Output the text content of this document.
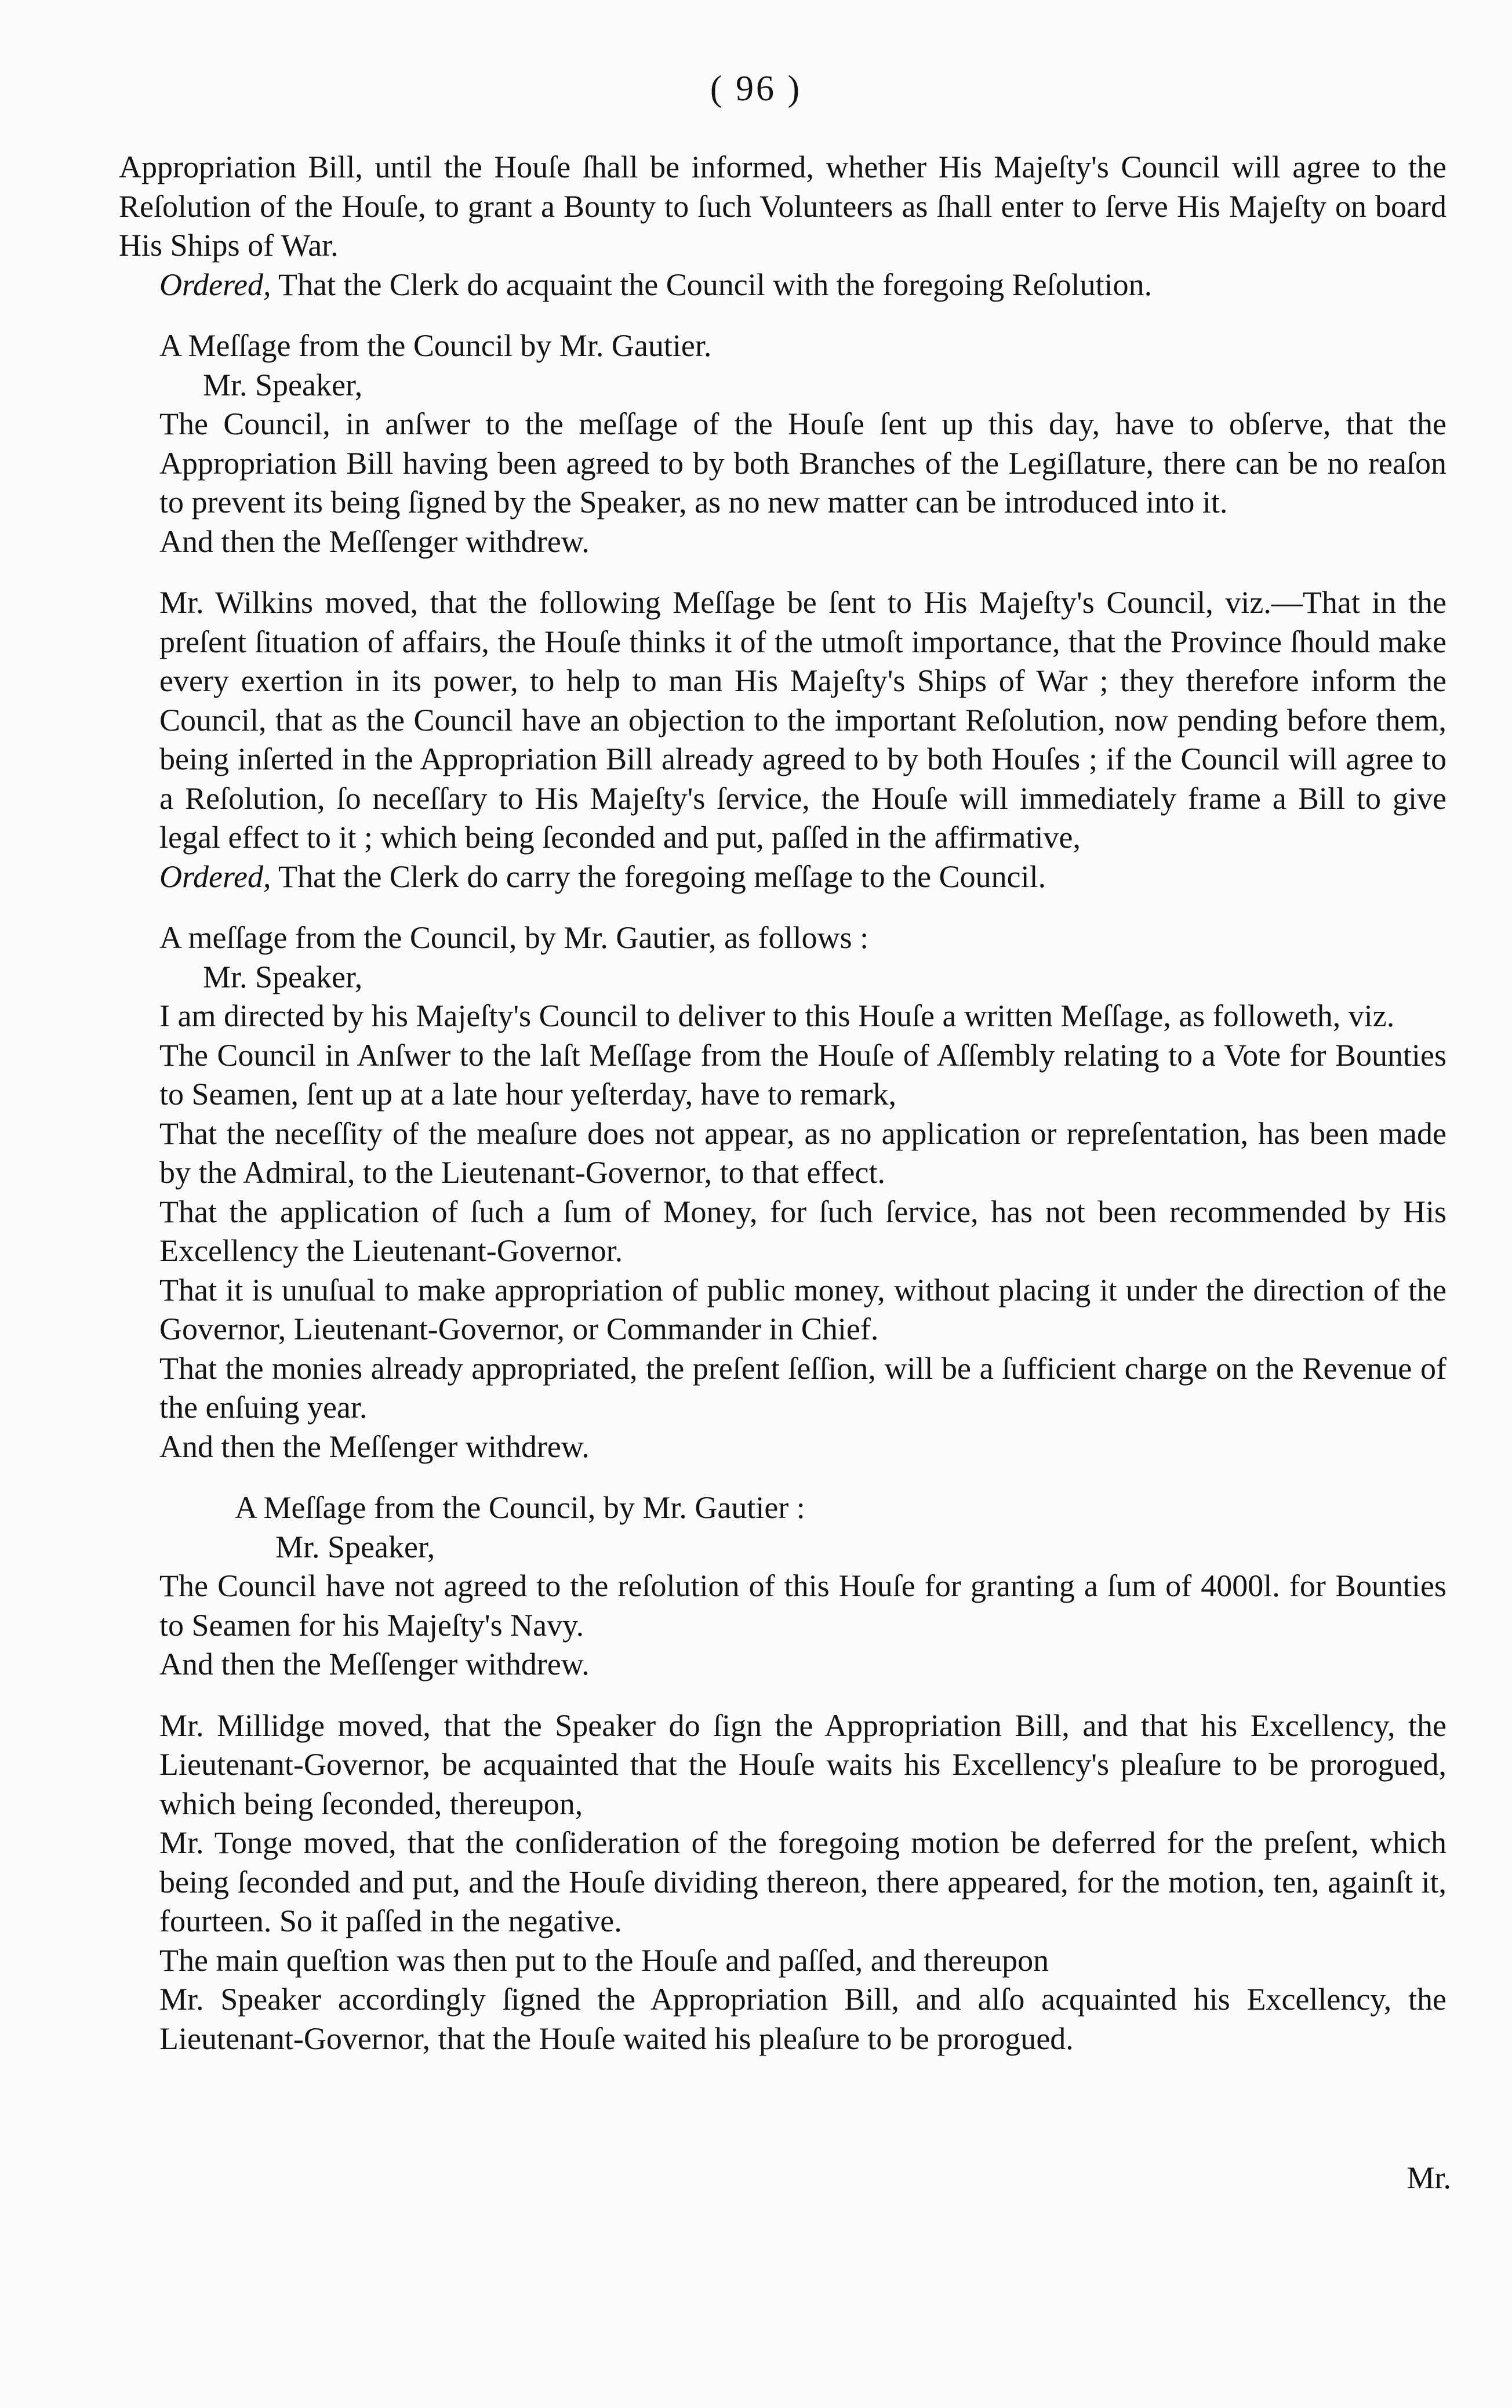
( 96 )

Appropriation Bill, until the Houſe ſhall be informed, whether His Majeſty's Council will agree to the Reſolution of the Houſe, to grant a Bounty to ſuch Volunteers as ſhall enter to ſerve His Majeſty on board His Ships of War.

Ordered, That the Clerk do acquaint the Council with the foregoing Reſolution.

A Meſſage from the Council by Mr. Gautier.

Mr. Speaker,

The Council, in anſwer to the meſſage of the Houſe ſent up this day, have to obſerve, that the Appropriation Bill having been agreed to by both Branches of the Legiſlature, there can be no reaſon to prevent its being ſigned by the Speaker, as no new matter can be introduced into it.

And then the Meſſenger withdrew.

Mr. Wilkins moved, that the following Meſſage be ſent to His Majeſty's Council, viz.—That in the preſent ſituation of affairs, the Houſe thinks it of the utmoſt importance, that the Province ſhould make every exertion in its power, to help to man His Majeſty's Ships of War ; they therefore inform the Council, that as the Council have an objection to the important Reſolution, now pending before them, being inſerted in the Appropriation Bill already agreed to by both Houſes ; if the Council will agree to a Reſolution, ſo neceſſary to His Majeſty's ſervice, the Houſe will immediately frame a Bill to give legal effect to it ; which being ſeconded and put, paſſed in the affirmative,

Ordered, That the Clerk do carry the foregoing meſſage to the Council.

A meſſage from the Council, by Mr. Gautier, as follows :

Mr. Speaker,

I am directed by his Majeſty's Council to deliver to this Houſe a written Meſſage, as followeth, viz.

The Council in Anſwer to the laſt Meſſage from the Houſe of Aſſembly relating to a Vote for Bounties to Seamen, ſent up at a late hour yeſterday, have to remark,

That the neceſſity of the meaſure does not appear, as no application or repreſentation, has been made by the Admiral, to the Lieutenant-Governor, to that effect.

That the application of ſuch a ſum of Money, for ſuch ſervice, has not been recommended by His Excellency the Lieutenant-Governor.

That it is unuſual to make appropriation of public money, without placing it under the direction of the Governor, Lieutenant-Governor, or Commander in Chief.

That the monies already appropriated, the preſent ſeſſion, will be a ſufficient charge on the Revenue of the enſuing year.

And then the Meſſenger withdrew.

A Meſſage from the Council, by Mr. Gautier :

Mr. Speaker,

The Council have not agreed to the reſolution of this Houſe for granting a ſum of 4000l. for Bounties to Seamen for his Majeſty's Navy.

And then the Meſſenger withdrew.

Mr. Millidge moved, that the Speaker do ſign the Appropriation Bill, and that his Excellency, the Lieutenant-Governor, be acquainted that the Houſe waits his Excellency's pleaſure to be prorogued, which being ſeconded, thereupon,

Mr. Tonge moved, that the conſideration of the foregoing motion be deferred for the preſent, which being ſeconded and put, and the Houſe dividing thereon, there appeared, for the motion, ten, againſt it, fourteen. So it paſſed in the negative.

The main queſtion was then put to the Houſe and paſſed, and thereupon

Mr. Speaker accordingly ſigned the Appropriation Bill, and alſo acquainted his Excellency, the Lieutenant-Governor, that the Houſe waited his pleaſure to be prorogued.

Mr.
